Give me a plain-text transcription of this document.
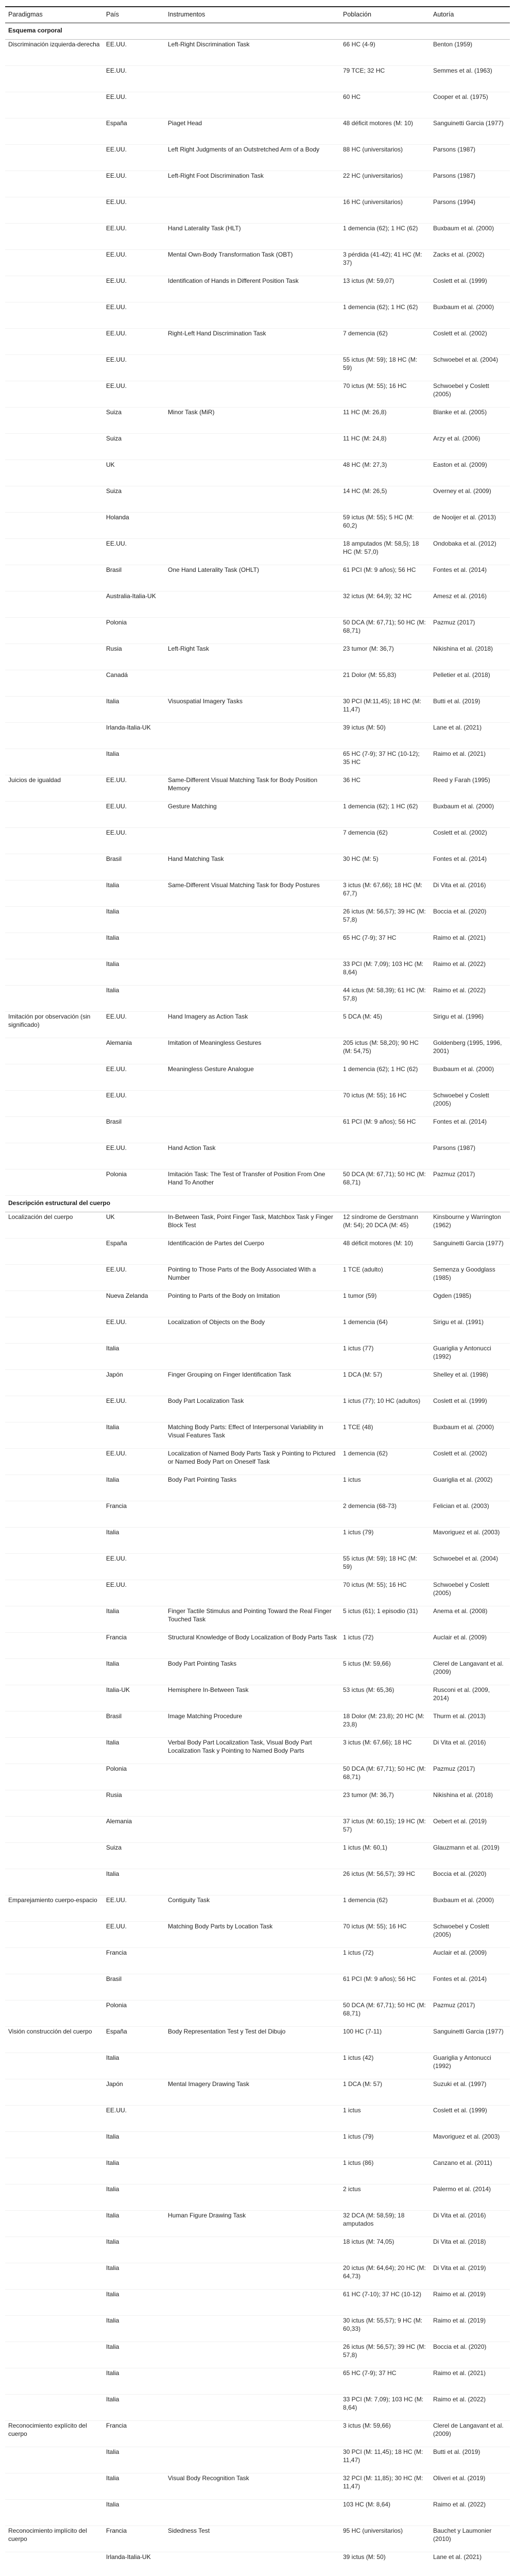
Paradigmas	País	Instrumentos	Población	Autoría
Esquema corporal				
Discriminación izquierda-derecha	EE.UU.	Left-Right Discrimination Task	66 HC (4-9)	Benton (1959)
	EE.UU.		79 TCE; 32 HC	Semmes et al. (1963)
	EE.UU.		60 HC	Cooper et al. (1975)
	España	Piaget Head	48 déficit motores (M: 10)	Sanguinetti Garcia (1977)
	EE.UU.	Left Right Judgments of an Outstretched Arm of a Body	88 HC (universitarios)	Parsons (1987)
	EE.UU.	Left-Right Foot Discrimination Task	22 HC (universitarios)	Parsons (1987)
	EE.UU.		16 HC (universitarios)	Parsons (1994)
	EE.UU.	Hand Laterality Task (HLT)	1 demencia (62); 1 HC (62)	Buxbaum et al. (2000)
	EE.UU.	Mental Own-Body Transformation Task (OBT)	3 pérdida (41-42); 41 HC (M: 37)	Zacks et al. (2002)
	EE.UU.	Identification of Hands in Different Position Task	13 ictus (M: 59,07)	Coslett et al. (1999)
	EE.UU.		1 demencia (62); 1 HC (62)	Buxbaum et al. (2000)
	EE.UU.	Right-Left Hand Discrimination Task	7 demencia (62)	Coslett et al. (2002)
	EE.UU.		55 ictus (M: 59); 18 HC (M: 59)	Schwoebel et al. (2004)
	EE.UU.		70 ictus (M: 55); 16 HC	Schwoebel y Coslett (2005)
	Suiza	Minor Task (MiR)	11 HC (M: 26,8)	Blanke et al. (2005)
	Suiza		11 HC (M: 24,8)	Arzy et al. (2006)
	UK		48 HC (M: 27,3)	Easton et al. (2009)
	Suiza		14 HC (M: 26,5)	Overney et al. (2009)
	Holanda		59 ictus (M: 55); 5 HC (M: 60,2)	de Nooijer et al. (2013)
	EE.UU.		18 amputados (M: 58,5); 18 HC (M: 57,0)	Ondobaka et al. (2012)
	Brasil	One Hand Laterality Task (OHLT)	61 PCI (M: 9 años); 56 HC	Fontes et al. (2014)
	Australia-Italia-UK		32 ictus (M: 64,9); 32 HC	Amesz et al. (2016)
	Polonia		50 DCA (M: 67,71); 50 HC (M: 68,71)	Pazmuz (2017)
	Rusia	Left-Right Task	23 tumor (M: 36,7)	Nikishina et al. (2018)
	Canadá		21 Dolor (M: 55,83)	Pelletier et al. (2018)
	Italia	Visuospatial Imagery Tasks	30 PCI (M:11,45); 18 HC (M: 11,47)	Butti et al. (2019)
	Irlanda-Italia-UK		39 ictus (M: 50)	Lane et al. (2021)
	Italia		65 HC (7-9); 37 HC (10-12); 35 HC	Raimo et al. (2021)
Juicios de igualdad	EE.UU.	Same-Different Visual Matching Task for Body Position Memory	36 HC	Reed y Farah (1995)
	EE.UU.	Gesture Matching	1 demencia (62); 1 HC (62)	Buxbaum et al. (2000)
	EE.UU.		7 demencia (62)	Coslett et al. (2002)
	Brasil	Hand Matching Task	30 HC (M: 5)	Fontes et al. (2014)
	Italia	Same-Different Visual Matching Task for Body Postures	3 ictus (M: 67,66); 18 HC (M: 67,7)	Di Vita et al. (2016)
	Italia		26 ictus (M: 56,57); 39 HC (M: 57,8)	Boccia et al. (2020)
	Italia		65 HC (7-9); 37 HC	Raimo et al. (2021)
	Italia		33 PCI (M: 7,09); 103 HC (M: 8,64)	Raimo et al. (2022)
	Italia		44 ictus (M: 58,39); 61 HC (M: 57,8)	Raimo et al. (2022)
Imitación por observación (sin significado)	EE.UU.	Hand Imagery as Action Task	5 DCA (M: 45)	Sirigu et al. (1996)
	Alemania	Imitation of Meaningless Gestures	205 ictus (M: 58,20); 90 HC (M: 54,75)	Goldenberg (1995, 1996, 2001)
	EE.UU.	Meaningless Gesture Analogue	1 demencia (62); 1 HC (62)	Buxbaum et al. (2000)
	EE.UU.		70 ictus (M: 55); 16 HC	Schwoebel y Coslett (2005)
	Brasil		61 PCI (M: 9 años); 56 HC	Fontes et al. (2014)
	EE.UU.	Hand Action Task		Parsons (1987)
	Polonia	Imitación Task: The Test of Transfer of Position From One Hand To Another	50 DCA (M: 67,71); 50 HC (M: 68,71)	Pazmuz (2017)
Descripción estructural del cuerpo				
Localización del cuerpo	UK	In-Between Task, Point Finger Task, Matchbox Task y Finger Block Test	12 síndrome de Gerstmann (M: 54); 20 DCA (M: 45)	Kinsbourne y Warrington (1962)
	España	Identificación de Partes del Cuerpo	48 déficit motores (M: 10)	Sanguinetti Garcia (1977)
	EE.UU.	Pointing to Those Parts of the Body Associated With a Number	1 TCE (adulto)	Semenza y Goodglass (1985)
	Nueva Zelanda	Pointing to Parts of the Body on Imitation	1 tumor (59)	Ogden (1985)
	EE.UU.	Localization of Objects on the Body	1 demencia (64)	Sirigu et al. (1991)
	Italia		1 ictus (77)	Guariglia y Antonucci (1992)
	Japón	Finger Grouping on Finger Identification Task	1 DCA (M: 57)	Shelley et al. (1998)
	EE.UU.	Body Part Localization Task	1 ictus (77); 10 HC (adultos)	Coslett et al. (1999)
	Italia	Matching Body Parts: Effect of Interpersonal Variability in Visual Features Task	1 TCE (48)	Buxbaum et al. (2000)
	EE.UU.	Localization of Named Body Parts Task y Pointing to Pictured or Named Body Part on Oneself Task	1 demencia (62)	Coslett et al. (2002)
	Italia	Body Part Pointing Tasks	1 ictus	Guariglia et al. (2002)
	Francia		2 demencia (68-73)	Felician et al. (2003)
	Italia		1 ictus (79)	Mavoriguez et al. (2003)
	EE.UU.		55 ictus (M: 59); 18 HC (M: 59)	Schwoebel et al. (2004)
	EE.UU.		70 ictus (M: 55); 16 HC	Schwoebel y Coslett (2005)
	Italia	Finger Tactile Stimulus and Pointing Toward the Real Finger Touched Task	5 ictus (61); 1 episodio (31)	Anema et al. (2008)
	Francia	Structural Knowledge of Body Localization of Body Parts Task	1 ictus (72)	Auclair et al. (2009)
	Italia	Body Part Pointing Tasks	5 ictus (M: 59,66)	Clerel de Langavant et al. (2009)
	Italia-UK	Hemisphere In-Between Task	53 ictus (M: 65,36)	Rusconi et al. (2009, 2014)
	Brasil	Image Matching Procedure	18 Dolor (M: 23,8); 20 HC (M: 23,8)	Thurm et al. (2013)
	Italia	Verbal Body Part Localization Task, Visual Body Part Localization Task y Pointing to Named Body Parts	3 ictus (M: 67,66); 18 HC	Di Vita et al. (2016)
	Polonia		50 DCA (M: 67,71); 50 HC (M: 68,71)	Pazmuz (2017)
	Rusia		23 tumor (M: 36,7)	Nikishina et al. (2018)
	Alemania		37 ictus (M: 60,15); 19 HC (M: 57)	Oebert et al. (2019)
	Suiza		1 ictus (M: 60,1)	Glauzmann et al. (2019)
	Italia		26 ictus (M: 56,57); 39 HC	Boccia et al. (2020)
Emparejamiento cuerpo-espacio	EE.UU.	Contiguity Task	1 demencia (62)	Buxbaum et al. (2000)
	EE.UU.	Matching Body Parts by Location Task	70 ictus (M: 55); 16 HC	Schwoebel y Coslett (2005)
	Francia		1 ictus (72)	Auclair et al. (2009)
	Brasil		61 PCI (M: 9 años); 56 HC	Fontes et al. (2014)
	Polonia		50 DCA (M: 67,71); 50 HC (M: 68,71)	Pazmuz (2017)
Visión construcción del cuerpo	España	Body Representation Test y Test del Dibujo	100 HC (7-11)	Sanguinetti Garcia (1977)
	Italia		1 ictus (42)	Guariglia y Antonucci (1992)
	Japón	Mental Imagery Drawing Task	1 DCA (M: 57)	Suzuki et al. (1997)
	EE.UU.		1 ictus	Coslett et al. (1999)
	Italia		1 ictus (79)	Mavoriguez et al. (2003)
	Italia		1 ictus (86)	Canzano et al. (2011)
	Italia		2 ictus	Palermo et al. (2014)
	Italia	Human Figure Drawing Task	32 DCA (M: 58,59); 18 amputados	Di Vita et al. (2016)
	Italia		18 ictus (M: 74,05)	Di Vita et al. (2018)
	Italia		20 ictus (M: 64,64); 20 HC (M: 64,73)	Di Vita et al. (2019)
	Italia		61 HC (7-10); 37 HC (10-12)	Raimo et al. (2019)
	Italia		30 ictus (M: 55,57); 9 HC (M: 60,33)	Raimo et al. (2019)
	Italia		26 ictus (M: 56,57); 39 HC (M: 57,8)	Boccia et al. (2020)
	Italia		65 HC (7-9); 37 HC	Raimo et al. (2021)
	Italia		33 PCI (M: 7,09); 103 HC (M: 8,64)	Raimo et al. (2022)
Reconocimiento explícito del cuerpo	Francia		3 ictus (M: 59,66)	Clerel de Langavant et al. (2009)
	Italia		30 PCI (M: 11,45); 18 HC (M: 11,47)	Butti et al. (2019)
	Italia	Visual Body Recognition Task	32 PCI (M: 11,85); 30 HC (M: 11,47)	Oliveri et al. (2019)
	Italia		103 HC (M: 8,64)	Raimo et al. (2022)
Reconocimiento implícito del cuerpo	Francia	Sidedness Test	95 HC (universitarios)	Bauchet y Laumonier (2010)
	Irlanda-Italia-UK		39 ictus (M: 50)	Lane et al. (2021)
